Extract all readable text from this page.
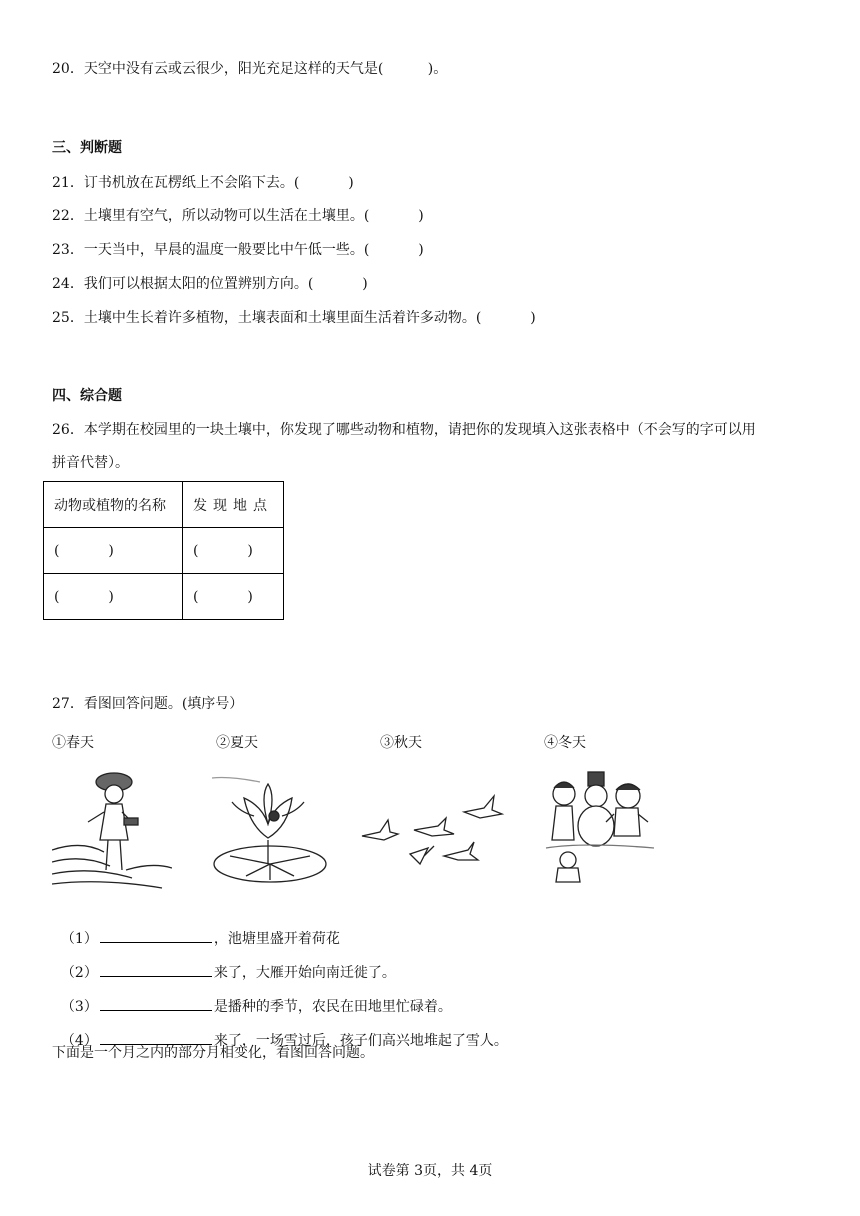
20．天空中没有云或云很少，阳光充足这样的天气是(          )。
三、判断题
21．订书机放在瓦楞纸上不会陷下去。(           )
22．土壤里有空气，所以动物可以生活在土壤里。(           )
23．一天当中，早晨的温度一般要比中午低一些。(           )
24．我们可以根据太阳的位置辨别方向。(           )
25．土壤中生长着许多植物，土壤表面和土壤里面生活着许多动物。(           )
四、综合题
26．本学期在校园里的一块土壤中，你发现了哪些动物和植物，请把你的发现填入这张表格中（不会写的字可以用
拼音代替）。
动物或植物的名称	发现地点
(           )	(           )
(           )	(           )
27．看图回答问题。(填序号）
①春天	②夏天	③秋天	④冬天

（1）	，池塘里盛开着荷花

（2）	来了，大雁开始向南迁徙了。

（3）	是播种的季节，农民在田地里忙碌着。

（4）	来了，一场雪过后，孩子们高兴地堆起了雪人。

下面是一个月之内的部分月相变化，看图回答问题。
试卷第 3页，共 4页
